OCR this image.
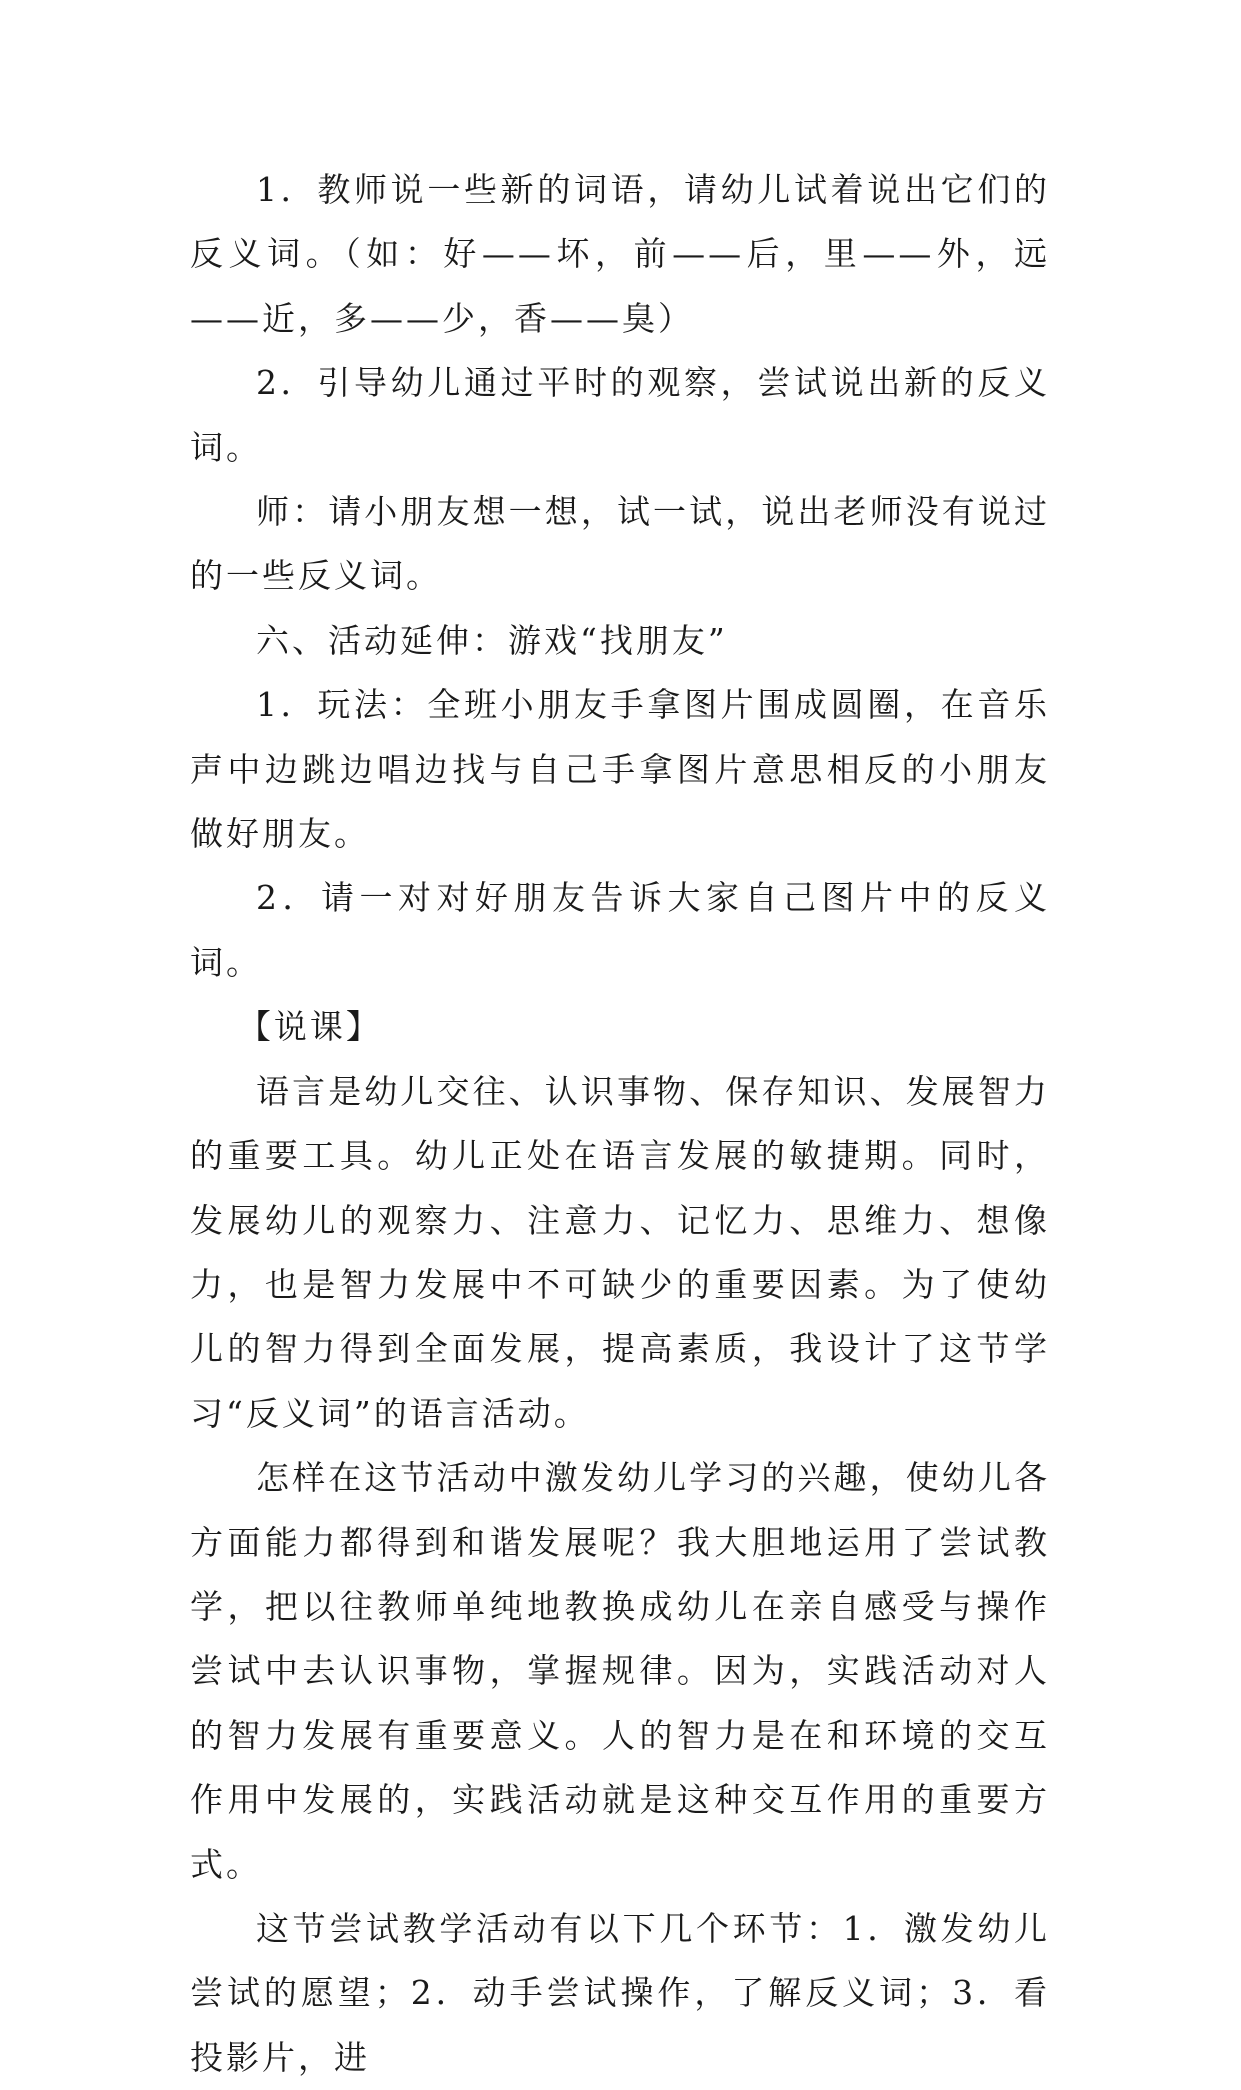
1．教师说一些新的词语，请幼儿试着说出它们的反义词。（如：好——坏，前——后，里——外，远——近，多——少，香——臭）

2．引导幼儿通过平时的观察，尝试说出新的反义词。

师：请小朋友想一想，试一试，说出老师没有说过的一些反义词。

六、活动延伸：游戏“找朋友”

1．玩法：全班小朋友手拿图片围成圆圈，在音乐声中边跳边唱边找与自己手拿图片意思相反的小朋友做好朋友。

2．请一对对好朋友告诉大家自己图片中的反义词。

【说课】

语言是幼儿交往、认识事物、保存知识、发展智力的重要工具。幼儿正处在语言发展的敏捷期。同时，发展幼儿的观察力、注意力、记忆力、思维力、想像力，也是智力发展中不可缺少的重要因素。为了使幼儿的智力得到全面发展，提高素质，我设计了这节学习“反义词”的语言活动。

怎样在这节活动中激发幼儿学习的兴趣，使幼儿各方面能力都得到和谐发展呢？我大胆地运用了尝试教学，把以往教师单纯地教换成幼儿在亲自感受与操作尝试中去认识事物，掌握规律。因为，实践活动对人的智力发展有重要意义。人的智力是在和环境的交互作用中发展的，实践活动就是这种交互作用的重要方式。

这节尝试教学活动有以下几个环节：1．激发幼儿尝试的愿望；2．动手尝试操作，了解反义词；3．看投影片，进
